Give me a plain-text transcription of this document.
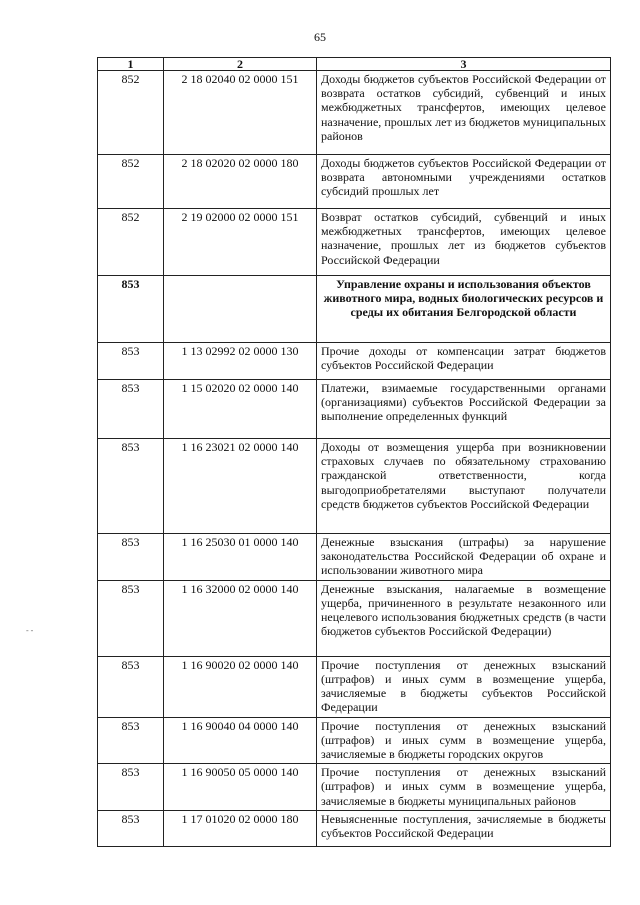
65
1	2	3
852	2 18 02040 02 0000 151	Доходы бюджетов субъектов Российской Федерации от возврата остатков субсидий, субвенций и иных межбюджетных трансфертов, имеющих целевое назначение, прошлых лет из бюджетов муниципальных районов
852	2 18 02020 02 0000 180	Доходы бюджетов субъектов Российской Федерации от возврата автономными учреждениями остатков субсидий прошлых лет
852	2 19 02000 02 0000 151	Возврат остатков субсидий, субвенций и иных межбюджетных трансфертов, имеющих целевое назначение, прошлых лет из бюджетов субъектов Российской Федерации
853		Управление охраны и использования объектов животного мира, водных биологических ресурсов и среды их обитания Белгородской области
853	1 13 02992 02 0000 130	Прочие доходы от компенсации затрат бюджетов субъектов Российской Федерации
853	1 15 02020 02 0000 140	Платежи, взимаемые государственными органами (организациями) субъектов Российской Федерации за выполнение определенных функций
853	1 16 23021 02 0000 140	Доходы от возмещения ущерба при возникновении страховых случаев по обязательному страхованию гражданской ответственности, когда выгодоприобретателями выступают получатели средств бюджетов субъектов Российской Федерации
853	1 16 25030 01 0000 140	Денежные взыскания (штрафы) за нарушение законодательства Российской Федерации об охране и использовании животного мира
853	1 16 32000 02 0000 140	Денежные взыскания, налагаемые в возмещение ущерба, причиненного в результате незаконного или нецелевого использования бюджетных средств (в части бюджетов субъектов Российской Федерации)
853	1 16 90020 02 0000 140	Прочие поступления от денежных взысканий (штрафов) и иных сумм в возмещение ущерба, зачисляемые в бюджеты субъектов Российской Федерации
853	1 16 90040 04 0000 140	Прочие поступления от денежных взысканий (штрафов) и иных сумм в возмещение ущерба, зачисляемые в бюджеты городских округов
853	1 16 90050 05 0000 140	Прочие поступления от денежных взысканий (штрафов) и иных сумм в возмещение ущерба, зачисляемые в бюджеты муниципальных районов
853	1 17 01020 02 0000 180	Невыясненные поступления, зачисляемые в бюджеты субъектов Российской Федерации
- -
